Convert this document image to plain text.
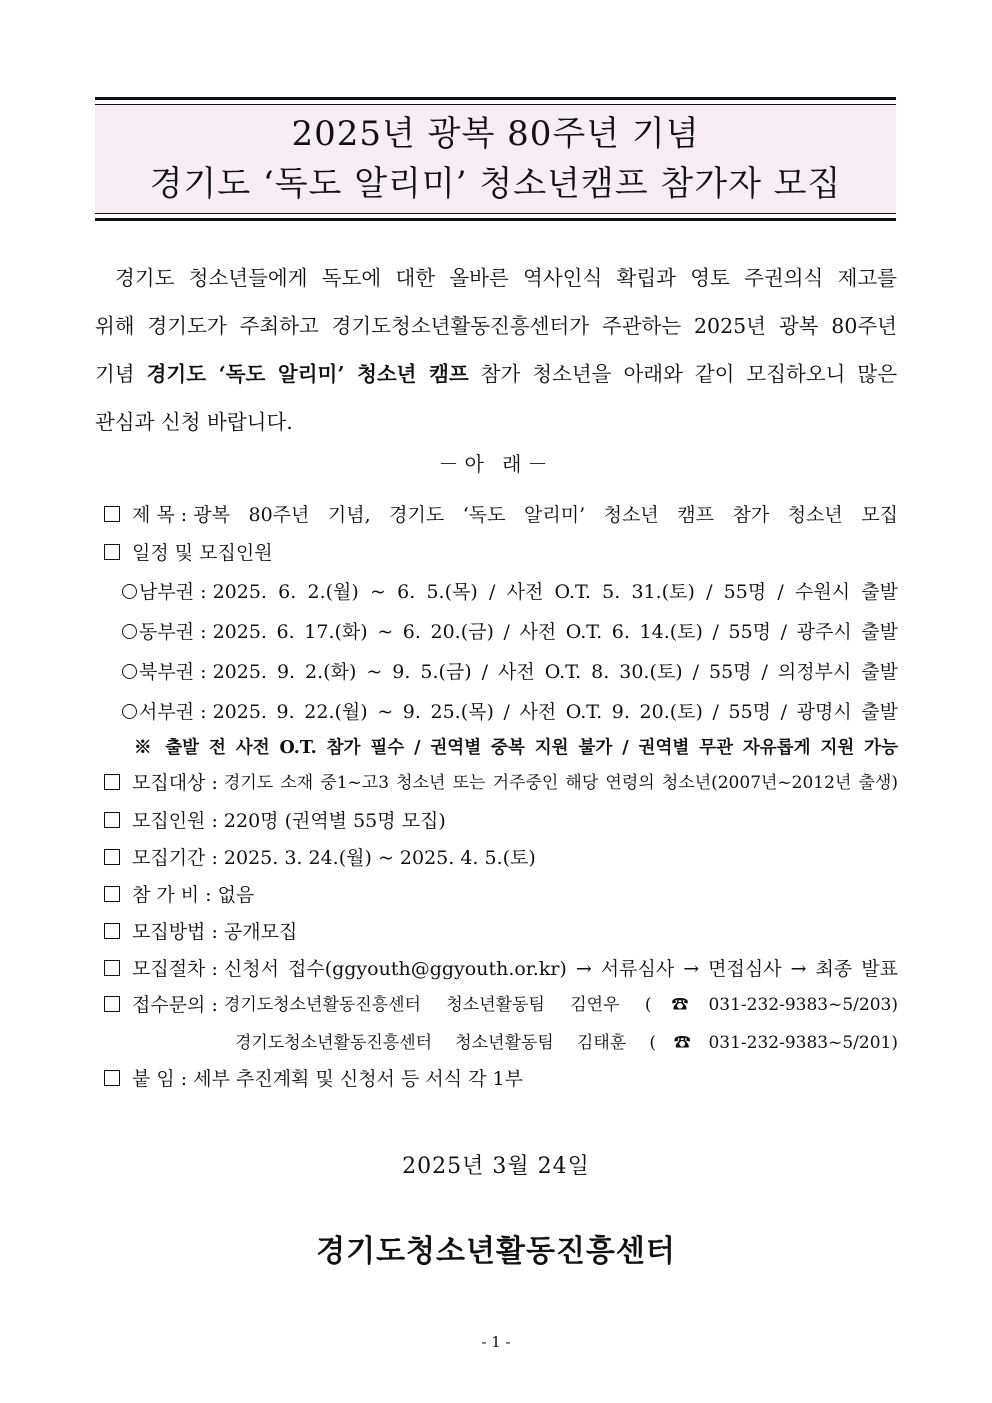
2025년 광복 80주년 기념
경기도 ‘독도 알리미’ 청소년캠프 참가자 모집
경기도 청소년들에게 독도에 대한 올바른 역사인식 확립과 영토 주권의식 제고를
위해 경기도가 주최하고 경기도청소년활동진흥센터가 주관하는 2025년 광복 80주년
기념 경기도 ‘독도 알리미’ 청소년 캠프 참가 청소년을 아래와 같이 모집하오니 많은
관심과 신청 바랍니다.
－아 래－
제 목 : 광복 80주년 기념, 경기도 ‘독도 알리미’ 청소년 캠프 참가 청소년 모집
일정 및 모집인원
남부권 : 2025. 6. 2.(월) ~ 6. 5.(목) / 사전 O.T. 5. 31.(토) / 55명 / 수원시 출발
동부권 : 2025. 6. 17.(화) ~ 6. 20.(금) / 사전 O.T. 6. 14.(토) / 55명 / 광주시 출발
북부권 : 2025. 9. 2.(화) ~ 9. 5.(금) / 사전 O.T. 8. 30.(토) / 55명 / 의정부시 출발
서부권 : 2025. 9. 22.(월) ~ 9. 25.(목) / 사전 O.T. 9. 20.(토) / 55명 / 광명시 출발
※ 출발 전 사전 O.T. 참가 필수 / 권역별 중복 지원 불가 / 권역별 무관 자유롭게 지원 가능
모집대상 : 경기도 소재 중1~고3 청소년 또는 거주중인 해당 연령의 청소년(2007년~2012년 출생)
모집인원 : 220명 (권역별 55명 모집)
모집기간 : 2025. 3. 24.(월) ~ 2025. 4. 5.(토)
참 가 비 : 없음
모집방법 : 공개모집
모집절차 : 신청서 접수(ggyouth@ggyouth.or.kr) → 서류심사 → 면접심사 → 최종 발표
접수문의 : 경기도청소년활동진흥센터 청소년활동팀 김연우 (☎031-232-9383~5/203)
경기도청소년활동진흥센터 청소년활동팀 김태훈 (☎031-232-9383~5/201)
붙 임 : 세부 추진계획 및 신청서 등 서식 각 1부
2025년 3월 24일
경기도청소년활동진흥센터
- 1 -
